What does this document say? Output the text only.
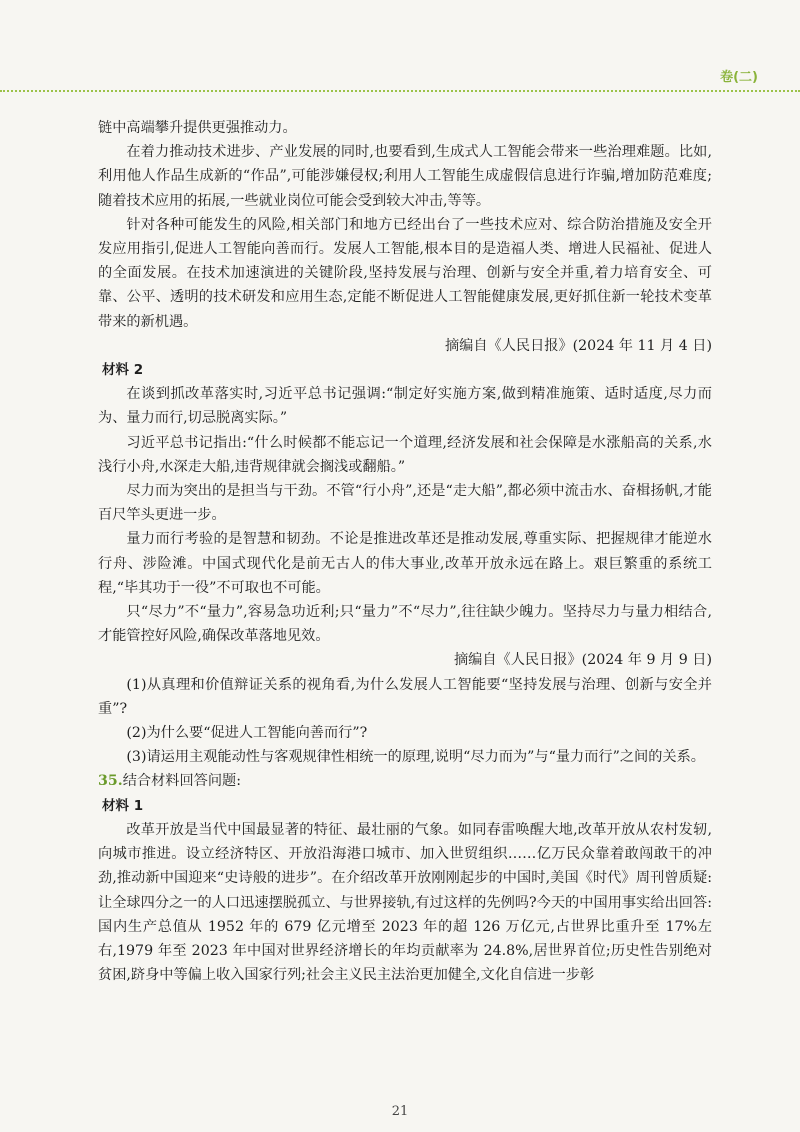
卷(二)

链中高端攀升提供更强推动力。

在着力推动技术进步、产业发展的同时,也要看到,生成式人工智能会带来一些治理难题。比如,利用他人作品生成新的“作品”,可能涉嫌侵权;利用人工智能生成虚假信息进行诈骗,增加防范难度;随着技术应用的拓展,一些就业岗位可能会受到较大冲击,等等。

针对各种可能发生的风险,相关部门和地方已经出台了一些技术应对、综合防治措施及安全开发应用指引,促进人工智能向善而行。发展人工智能,根本目的是造福人类、增进人民福祉、促进人的全面发展。在技术加速演进的关键阶段,坚持发展与治理、创新与安全并重,着力培育安全、可靠、公平、透明的技术研发和应用生态,定能不断促进人工智能健康发展,更好抓住新一轮技术变革带来的新机遇。

摘编自《人民日报》(2024 年 11 月 4 日)

材料 2

在谈到抓改革落实时,习近平总书记强调:“制定好实施方案,做到精准施策、适时适度,尽力而为、量力而行,切忌脱离实际。”

习近平总书记指出:“什么时候都不能忘记一个道理,经济发展和社会保障是水涨船高的关系,水浅行小舟,水深走大船,违背规律就会搁浅或翻船。”

尽力而为突出的是担当与干劲。不管“行小舟”,还是“走大船”,都必须中流击水、奋楫扬帆,才能百尺竿头更进一步。

量力而行考验的是智慧和韧劲。不论是推进改革还是推动发展,尊重实际、把握规律才能逆水行舟、涉险滩。中国式现代化是前无古人的伟大事业,改革开放永远在路上。艰巨繁重的系统工程,“毕其功于一役”不可取也不可能。

只“尽力”不“量力”,容易急功近利;只“量力”不“尽力”,往往缺少魄力。坚持尽力与量力相结合,才能管控好风险,确保改革落地见效。

摘编自《人民日报》(2024 年 9 月 9 日)

(1)从真理和价值辩证关系的视角看,为什么发展人工智能要“坚持发展与治理、创新与安全并重”?

(2)为什么要“促进人工智能向善而行”?

(3)请运用主观能动性与客观规律性相统一的原理,说明“尽力而为”与“量力而行”之间的关系。

35.结合材料回答问题:

材料 1

改革开放是当代中国最显著的特征、最壮丽的气象。如同春雷唤醒大地,改革开放从农村发轫,向城市推进。设立经济特区、开放沿海港口城市、加入世贸组织……亿万民众靠着敢闯敢干的冲劲,推动新中国迎来“史诗般的进步”。在介绍改革开放刚刚起步的中国时,美国《时代》周刊曾质疑:让全球四分之一的人口迅速摆脱孤立、与世界接轨,有过这样的先例吗?今天的中国用事实给出回答:国内生产总值从 1952 年的 679 亿元增至 2023 年的超 126 万亿元,占世界比重升至 17%左右,1979 年至 2023 年中国对世界经济增长的年均贡献率为 24.8%,居世界首位;历史性告别绝对贫困,跻身中等偏上收入国家行列;社会主义民主法治更加健全,文化自信进一步彰

21
